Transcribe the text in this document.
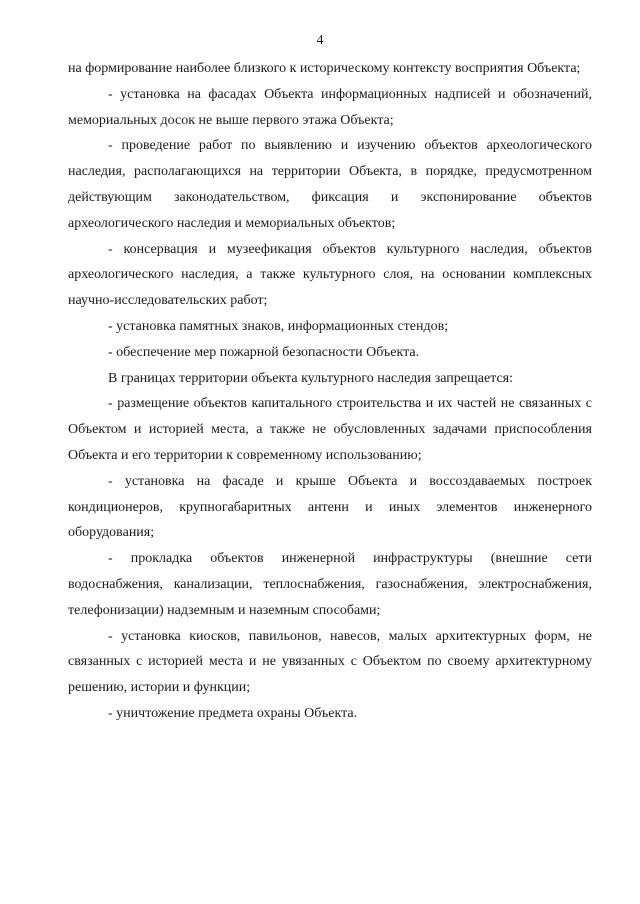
4

на формирование наиболее близкого к историческому контексту восприятия Объекта;

- установка на фасадах Объекта информационных надписей и обозначений, мемориальных досок не выше первого этажа Объекта;

- проведение работ по выявлению и изучению объектов археологического наследия, располагающихся на территории Объекта, в порядке, предусмотренном действующим законодательством, фиксация и экспонирование объектов археологического наследия и мемориальных объектов;

- консервация и музеефикация объектов культурного наследия, объектов археологического наследия, а также культурного слоя, на основании комплексных научно-исследовательских работ;

- установка памятных знаков, информационных стендов;

- обеспечение мер пожарной безопасности Объекта.

В границах территории объекта культурного наследия запрещается:

- размещение объектов капитального строительства и их частей не связанных с Объектом и историей места, а также не обусловленных задачами приспособления Объекта и его территории к современному использованию;

- установка на фасаде и крыше Объекта и воссоздаваемых построек кондиционеров, крупногабаритных антенн и иных элементов инженерного оборудования;

- прокладка объектов инженерной инфраструктуры (внешние сети водоснабжения, канализации, теплоснабжения, газоснабжения, электроснабжения, телефонизации) надземным и наземным способами;

- установка киосков, павильонов, навесов, малых архитектурных форм, не связанных с историей места и не увязанных с Объектом по своему архитектурному решению, истории и функции;

- уничтожение предмета охраны Объекта.
